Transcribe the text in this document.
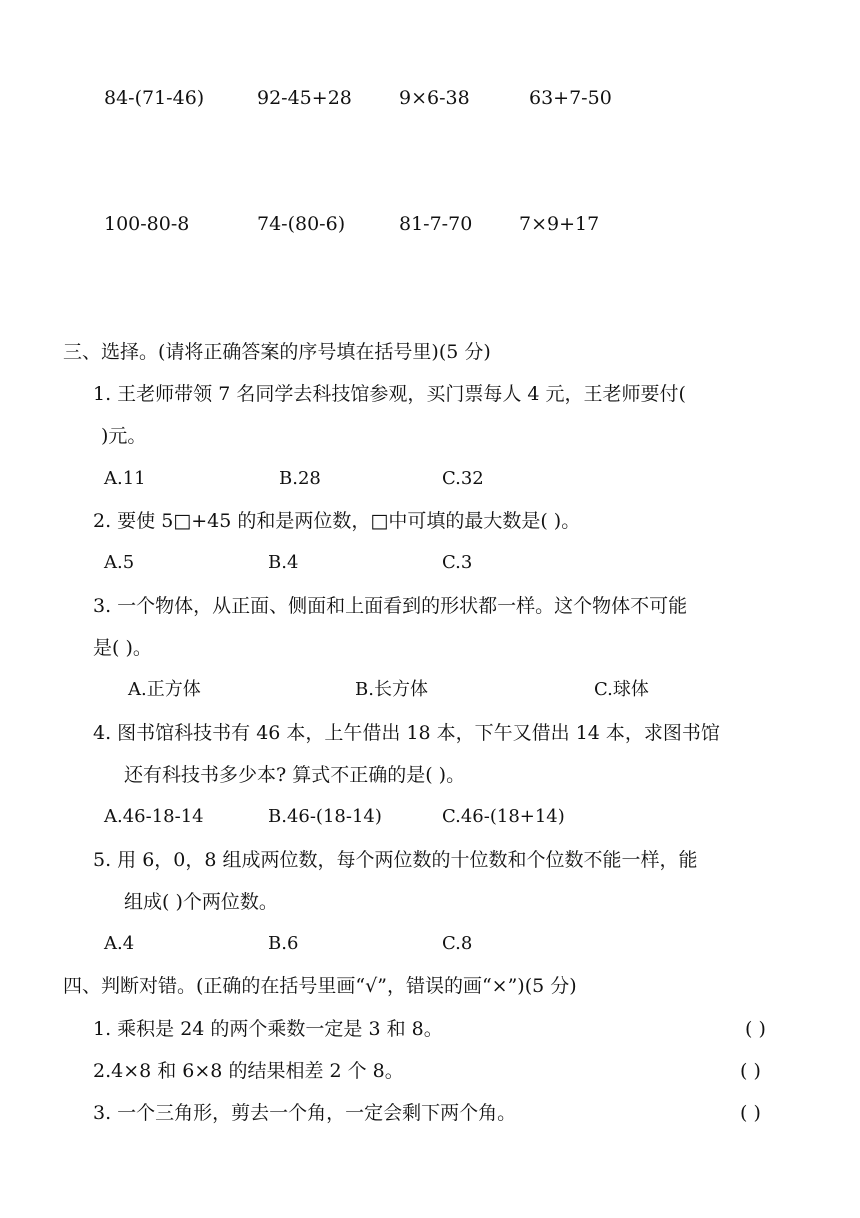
84-(71-46)	92-45+28 9×6-38	63+7-50
100-80-8	74-(80-6)	81-7-70 7×9+17
三、选择。(请将正确答案的序号填在括号里)(5 分)
1. 王老师带领 7 名同学去科技馆参观，买门票每人 4 元，王老师要付(
)元。
A.11	B.28	C.32
2. 要使 5□+45 的和是两位数，□中可填的最大数是( )。
A.5	B.4	C.3
3. 一个物体，从正面、侧面和上面看到的形状都一样。这个物体不可能
是( )。
A.正方体	B.长方体	C.球体
4. 图书馆科技书有 46 本，上午借出 18 本，下午又借出 14 本，求图书馆
还有科技书多少本? 算式不正确的是( )。
A.46-18-14	B.46-(18-14)	C.46-(18+14)
5. 用 6，0，8 组成两位数，每个两位数的十位数和个位数不能一样，能
组成( )个两位数。
A.4	B.6	C.8
四、判断对错。(正确的在括号里画“√”，错误的画“×”)(5 分)
1. 乘积是 24 的两个乘数一定是 3 和 8。	( )
2.4×8 和 6×8 的结果相差 2 个 8。	( )
3. 一个三角形，剪去一个角，一定会剩下两个角。	( )
